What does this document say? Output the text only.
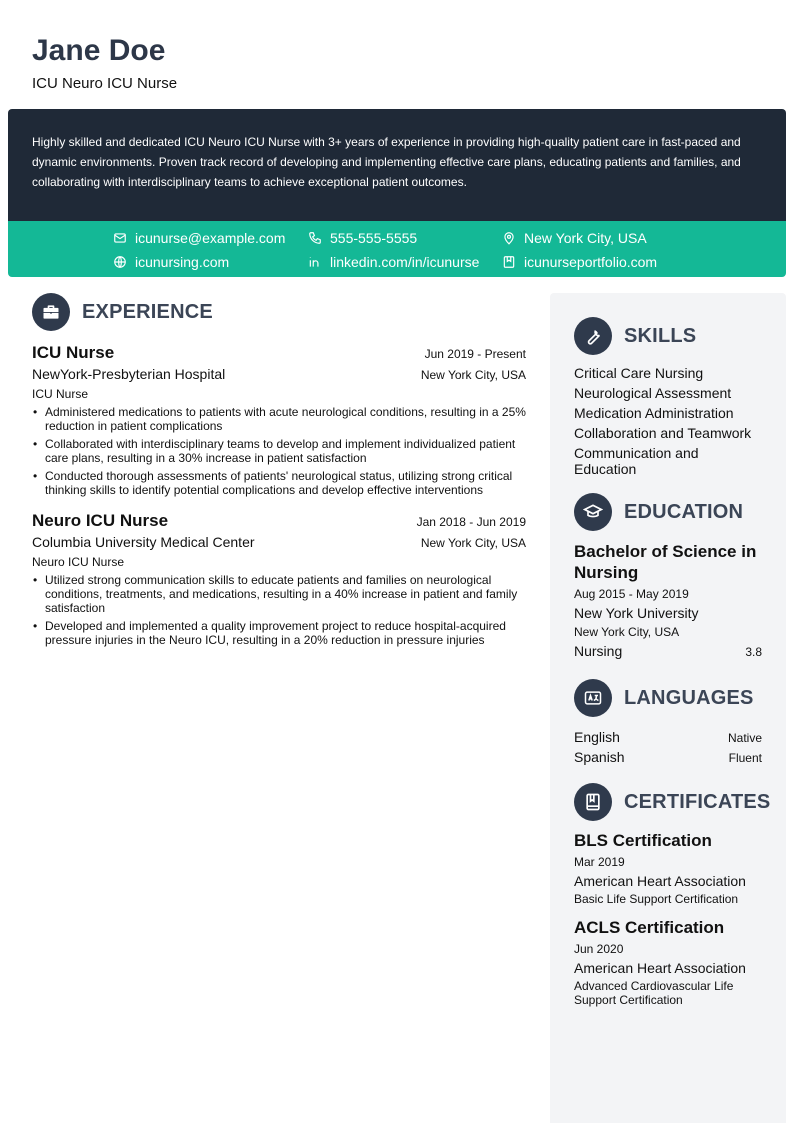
Jane Doe
ICU Neuro ICU Nurse
Highly skilled and dedicated ICU Neuro ICU Nurse with 3+ years of experience in providing high-quality patient care in fast-paced and dynamic environments. Proven track record of developing and implementing effective care plans, educating patients and families, and collaborating with interdisciplinary teams to achieve exceptional patient outcomes.
icunurse@example.com	555-555-5555	New York City, USA
icunursing.com	linkedin.com/in/icunurse	icunurseportfolio.com
EXPERIENCE
ICU Nurse	Jun 2019 - Present
NewYork-Presbyterian Hospital	New York City, USA
ICU Nurse
• Administered medications to patients with acute neurological conditions, resulting in a 25% reduction in patient complications
• Collaborated with interdisciplinary teams to develop and implement individualized patient care plans, resulting in a 30% increase in patient satisfaction
• Conducted thorough assessments of patients' neurological status, utilizing strong critical thinking skills to identify potential complications and develop effective interventions
Neuro ICU Nurse	Jan 2018 - Jun 2019
Columbia University Medical Center	New York City, USA
Neuro ICU Nurse
• Utilized strong communication skills to educate patients and families on neurological conditions, treatments, and medications, resulting in a 40% increase in patient and family satisfaction
• Developed and implemented a quality improvement project to reduce hospital-acquired pressure injuries in the Neuro ICU, resulting in a 20% reduction in pressure injuries
SKILLS
Critical Care Nursing
Neurological Assessment
Medication Administration
Collaboration and Teamwork
Communication and Education
EDUCATION
Bachelor of Science in Nursing
Aug 2015 - May 2019
New York University
New York City, USA
Nursing	3.8
LANGUAGES
English	Native
Spanish	Fluent
CERTIFICATES
BLS Certification
Mar 2019
American Heart Association
Basic Life Support Certification
ACLS Certification
Jun 2020
American Heart Association
Advanced Cardiovascular Life Support Certification
